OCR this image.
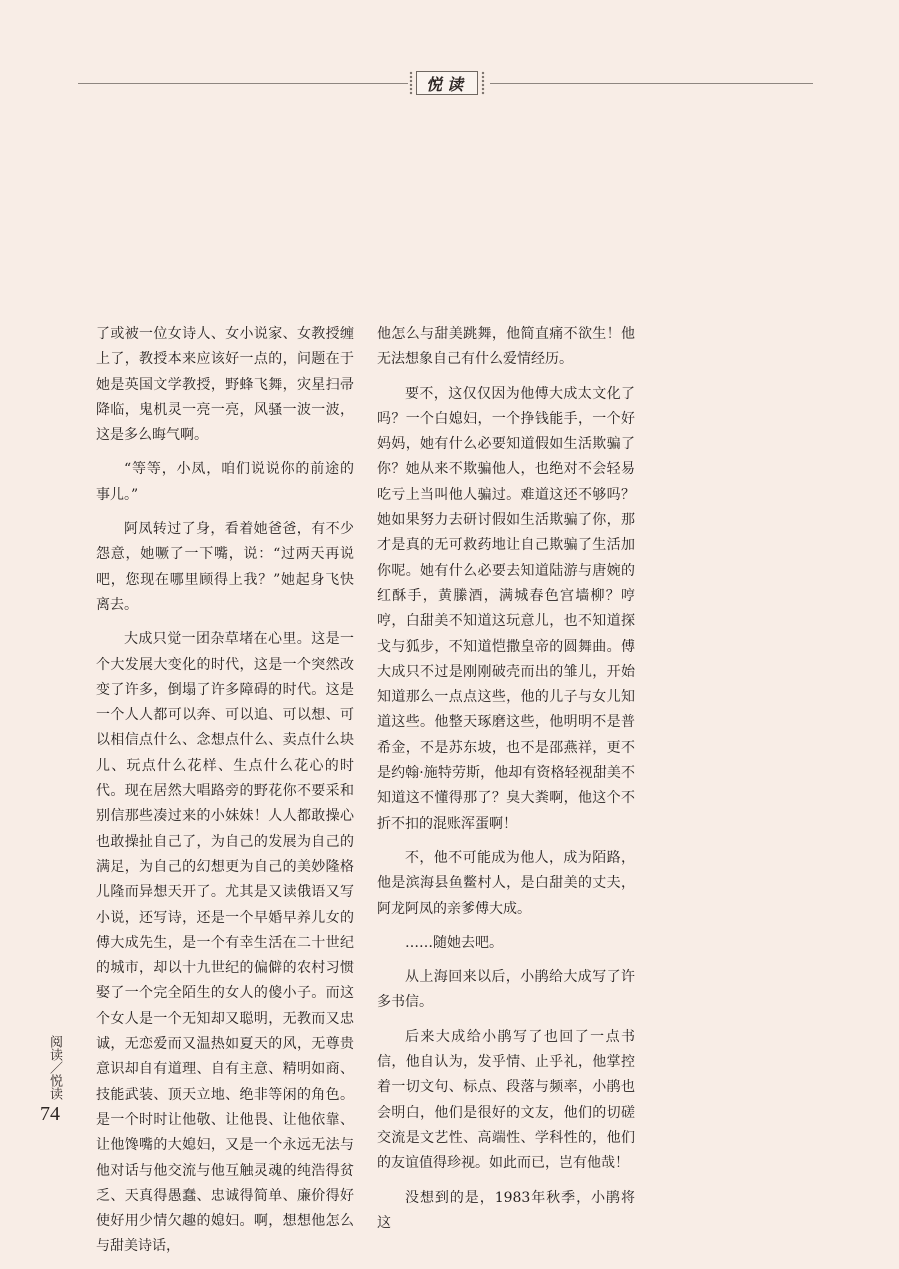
悦读

了或被一位女诗人、女小说家、女教授缠上了，教授本来应该好一点的，问题在于她是英国文学教授，野蜂飞舞，灾星扫帚降临，鬼机灵一亮一亮，风骚一波一波，这是多么晦气啊。

“等等，小凤，咱们说说你的前途的事儿。”

阿凤转过了身，看着她爸爸，有不少怨意，她噘了一下嘴，说：“过两天再说吧，您现在哪里顾得上我？”她起身飞快离去。

大成只觉一团杂草堵在心里。这是一个大发展大变化的时代，这是一个突然改变了许多，倒塌了许多障碍的时代。这是一个人人都可以奔、可以追、可以想、可以相信点什么、念想点什么、卖点什么块儿、玩点什么花样、生点什么花心的时代。现在居然大唱路旁的野花你不要采和别信那些凑过来的小妹妹！人人都敢操心也敢操扯自己了，为自己的发展为自己的满足，为自己的幻想更为自己的美妙隆格儿隆而异想天开了。尤其是又读俄语又写小说，还写诗，还是一个早婚早养儿女的傅大成先生，是一个有幸生活在二十世纪的城市，却以十九世纪的偏僻的农村习惯娶了一个完全陌生的女人的傻小子。而这个女人是一个无知却又聪明，无教而又忠诚，无恋爱而又温热如夏天的风，无尊贵意识却自有道理、自有主意、精明如商、技能武装、顶天立地、绝非等闲的角色。是一个时时让他敬、让他畏、让他依靠、让他馋嘴的大媳妇，又是一个永远无法与他对话与他交流与他互触灵魂的纯浩得贫乏、天真得愚蠢、忠诚得简单、廉价得好使好用少情欠趣的媳妇。啊，想想他怎么与甜美诗话，

他怎么与甜美跳舞，他简直痛不欲生！他无法想象自己有什么爱情经历。

要不，这仅仅因为他傅大成太文化了吗？一个白媳妇，一个挣钱能手，一个好妈妈，她有什么必要知道假如生活欺骗了你？她从来不欺骗他人，也绝对不会轻易吃亏上当叫他人骗过。难道这还不够吗？她如果努力去研讨假如生活欺骗了你，那才是真的无可救药地让自己欺骗了生活加你呢。她有什么必要去知道陆游与唐婉的红酥手，黄縢酒，满城春色宫墙柳？哼哼，白甜美不知道这玩意儿，也不知道探戈与狐步，不知道恺撒皇帝的圆舞曲。傅大成只不过是刚刚破壳而出的雏儿，开始知道那么一点点这些，他的儿子与女儿知道这些。他整天琢磨这些，他明明不是普希金，不是苏东坡，也不是邵燕祥，更不是约翰·施特劳斯，他却有资格轻视甜美不知道这不懂得那了？臭大粪啊，他这个不折不扣的混账浑蛋啊！

不，他不可能成为他人，成为陌路，他是滨海县鱼鳖村人，是白甜美的丈夫，阿龙阿凤的亲爹傅大成。

……随她去吧。

从上海回来以后，小鹃给大成写了许多书信。

后来大成给小鹃写了也回了一点书信，他自认为，发乎情、止乎礼，他掌控着一切文句、标点、段落与频率，小鹃也会明白，他们是很好的文友，他们的切磋交流是文艺性、高端性、学科性的，他们的友谊值得珍视。如此而已，岂有他哉！

没想到的是，1983年秋季，小鹃将这

阅读／悦读
74
